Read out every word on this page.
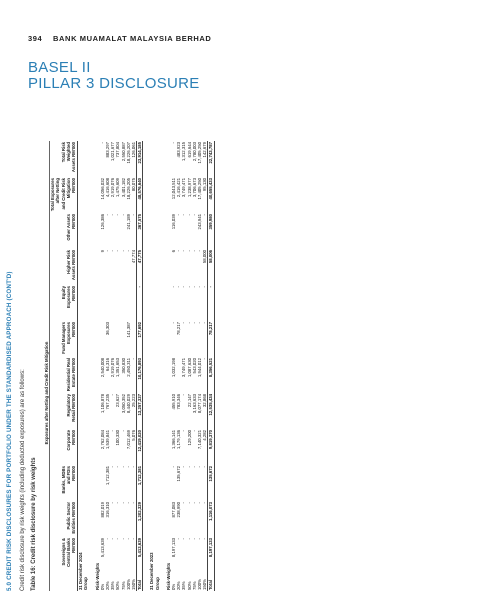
394 BANK MUAMALAT MALAYSIA BERHAD
BASEL II
PILLAR 3 DISCLOSURE
5.0 CREDIT RISK DISCLOSURES FOR PORTFOLIO UNDER THE STANDARDISED APPROACH (CONT'D) Credit risk disclosure by risk weights (including deducted exposures) are as follows: Table 16: Credit risk disclosure by risk weights
	Exposures after Netting and Credit Risk Mitigation											
	Sovereigns & Central Banks RM'000	Public Sector Entities RM'000	Banks, MDBs and FDIs RM'000	Corporate RM'000	Regulatory Retail RM'000	Residential Real Estate RM'000	Fund Managers Exposures RM'000	Equity Exposures RM'000	Higher Risk Assets RM'000	Other Assets RM'000	Total Exposures after Netting and Credit Risk Mitigation RM'000	Total Risk Weighted Assets RM'000
31 December 2024												
Group												

Risk-Weights												
0%	5,413,639	882,019		2,762,084	1,106,878	2,540,008			9	126,386	14,056,032	-
20%	-	316,310	1,712,381	1,539,841	767,235	64,316	36,303		-	-	4,416,608	883,297
35%	-	-	-	-	-	2,919,076			-	-	2,919,076	1,021,677
50%	-	-	-	100,330	23,627	1,351,653			-	-	1,475,609	737,804
75%	-	-	-	-	3,050,352	350,830			-	-	3,401,182	2,550,887
100%	-	-	-	7,012,469	8,440,029	2,450,311	141,387		-	241,189	18,226,205	18,226,207
150%	-	-	-	5,076	25,223	-			47,774	-	80,075	126,061
Total	5,413,639	1,202,329	1,712,381	12,419,020	13,257,337	10,176,893	177,692	-	47,775	367,575	48,576,640	23,914,185

31 December 2023												
Group												

Risk-Weights												
0%	8,197,133	877,083	-	1,366,141	455,910	1,032,198	-	-	6	116,039	12,043,511	-
20%	-	238,990	135,672	1,179,136	783,346		78,217	-	-	-	2,416,421	483,923
35%	-	-	-	-	-	3,749,471	-	-	-	-	3,749,471	1,312,315
50%	-	-	-	129,200	22,147	1,087,630	-	-	-	-	1,238,977	619,644
75%	-	-	-	-	3,163,633	543,020	-	-	-	-	3,706,673	2,780,003
100%	-	-	-	7,140,321	8,077,174	1,944,012	-	-	-	243,941	17,405,250	17,405,250
150%	-	-	-	4,282	32,868	-	-	-	58,000	-	95,130	142,679
Total	8,197,133	1,116,073	135,672	9,819,370	12,535,434	8,356,521	78,217	-	58,006	359,980	40,655,433	22,743,787
